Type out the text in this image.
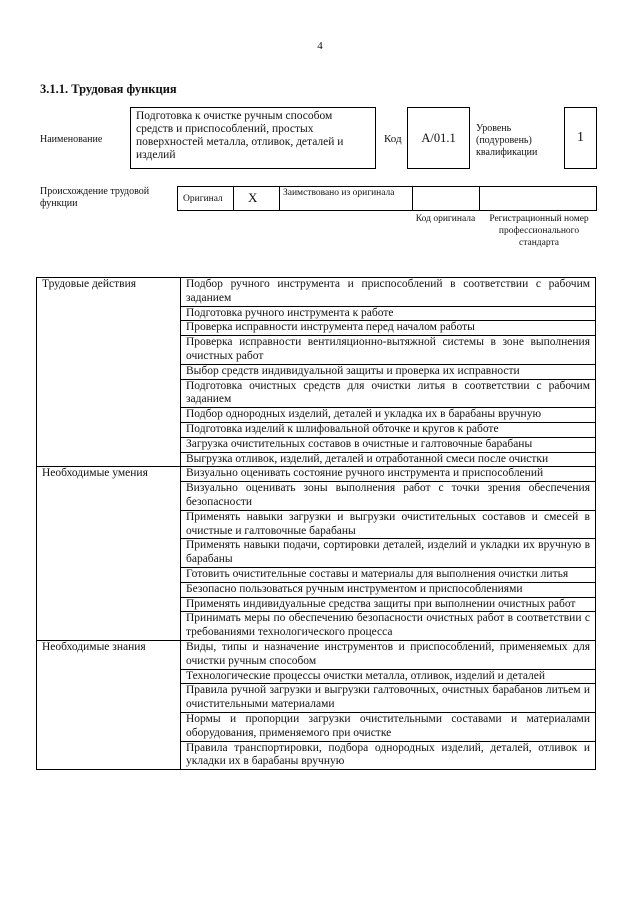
4
3.1.1. Трудовая функция
Наименование
Подготовка к очистке ручным способом средств и приспособлений, простых поверхностей металла, отливок, деталей и изделий
Код	A/01.1
Уровень (подуровень) квалификации
1
Происхождение трудовой функции	Оригинал X	Заимствовано из оригинала
Код оригинала	Регистрационный номер профессионального стандарта
Трудовые действия	Подбор ручного инструмента и приспособлений в соответствии с рабочим заданием
	Подготовка ручного инструмента к работе
	Проверка исправности инструмента перед началом работы
	Проверка исправности вентиляционно-вытяжной системы в зоне выполнения очистных работ
	Выбор средств индивидуальной защиты и проверка их исправности
	Подготовка очистных средств для очистки литья в соответствии с рабочим заданием
	Подбор однородных изделий, деталей и укладка их в барабаны вручную
	Подготовка изделий к шлифовальной обточке и кругов к работе
	Загрузка очистительных составов в очистные и галтовочные барабаны
	Выгрузка отливок, изделий, деталей и отработанной смеси после очистки
Необходимые умения	Визуально оценивать состояние ручного инструмента и приспособлений
	Визуально оценивать зоны выполнения работ с точки зрения обеспечения безопасности
	Применять навыки загрузки и выгрузки очистительных составов и смесей в очистные и галтовочные барабаны
	Применять навыки подачи, сортировки деталей, изделий и укладки их вручную в барабаны
	Готовить очистительные составы и материалы для выполнения очистки литья
	Безопасно пользоваться ручным инструментом и приспособлениями
	Применять индивидуальные средства защиты при выполнении очистных работ
	Принимать меры по обеспечению безопасности очистных работ в соответствии с требованиями технологического процесса
Необходимые знания	Виды, типы и назначение инструментов и приспособлений, применяемых для очистки ручным способом
	Технологические процессы очистки металла, отливок, изделий и деталей
	Правила ручной загрузки и выгрузки галтовочных, очистных барабанов литьем и очистительными материалами
	Нормы и пропорции загрузки очистительными составами и материалами оборудования, применяемого при очистке
	Правила транспортировки, подбора однородных изделий, деталей, отливок и укладки их в барабаны вручную
